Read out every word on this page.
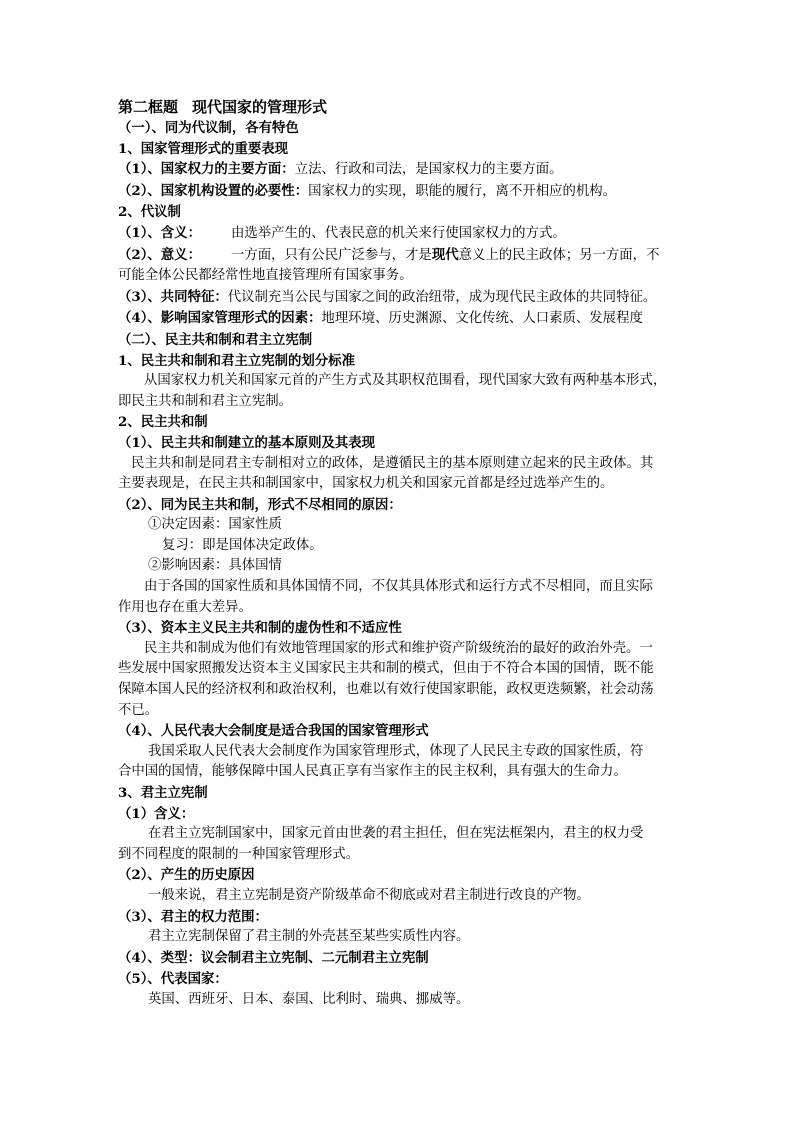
第二框题 现代国家的管理形式
（一）、同为代议制，各有特色
1、国家管理形式的重要表现
（1）、国家权力的主要方面：立法、行政和司法，是国家权力的主要方面。
（2）、国家机构设置的必要性：国家权力的实现，职能的履行，离不开相应的机构。
2、代议制
（1）、含义： 由选举产生的、代表民意的机关来行使国家权力的方式。
（2）、意义： 一方面，只有公民广泛参与，才是现代意义上的民主政体；另一方面，不
可能全体公民都经常性地直接管理所有国家事务。
（3）、共同特征：代议制充当公民与国家之间的政治纽带，成为现代民主政体的共同特征。
（4）、影响国家管理形式的因素：地理环境、历史渊源、文化传统、人口素质、发展程度
（二）、民主共和制和君主立宪制
1、民主共和制和君主立宪制的划分标准
从国家权力机关和国家元首的产生方式及其职权范围看，现代国家大致有两种基本形式，
即民主共和制和君主立宪制。
2、民主共和制
（1）、民主共和制建立的基本原则及其表现
民主共和制是同君主专制相对立的政体，是遵循民主的基本原则建立起来的民主政体。其
主要表现是，在民主共和制国家中，国家权力机关和国家元首都是经过选举产生的。
（2）、同为民主共和制，形式不尽相同的原因：
①决定因素：国家性质
复习：即是国体决定政体。
②影响因素：具体国情
由于各国的国家性质和具体国情不同，不仅其具体形式和运行方式不尽相同，而且实际
作用也存在重大差异。
（3）、资本主义民主共和制的虚伪性和不适应性
民主共和制成为他们有效地管理国家的形式和维护资产阶级统治的最好的政治外壳。一
些发展中国家照搬发达资本主义国家民主共和制的模式，但由于不符合本国的国情，既不能
保障本国人民的经济权利和政治权利，也难以有效行使国家职能，政权更迭频繁，社会动荡
不已。
（4）、人民代表大会制度是适合我国的国家管理形式
我国采取人民代表大会制度作为国家管理形式，体现了人民民主专政的国家性质，符
合中国的国情，能够保障中国人民真正享有当家作主的民主权利，具有强大的生命力。
3、君主立宪制
（1）含义：
在君主立宪制国家中，国家元首由世袭的君主担任，但在宪法框架内，君主的权力受
到不同程度的限制的一种国家管理形式。
（2）、产生的历史原因
一般来说，君主立宪制是资产阶级革命不彻底或对君主制进行改良的产物。
（3）、君主的权力范围：
君主立宪制保留了君主制的外壳甚至某些实质性内容。
（4）、类型：议会制君主立宪制、二元制君主立宪制
（5）、代表国家：
英国、西班牙、日本、泰国、比利时、瑞典、挪威等。
